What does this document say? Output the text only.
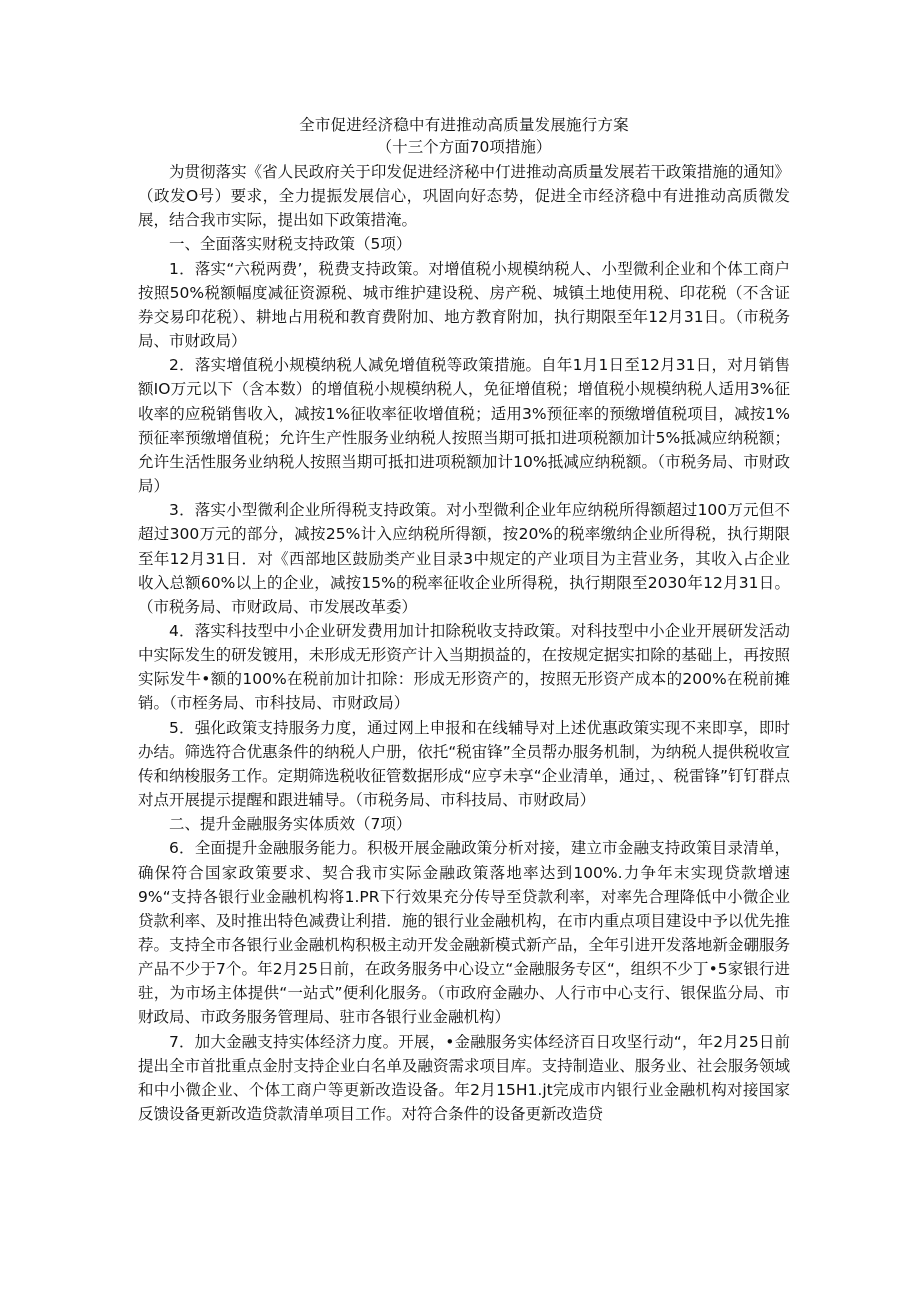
全市促进经济稳中有进推动高质量发展施行方案

（十三个方面70项措施）

为贯彻落实《省人民政府关于印发促进经济秘中仃进推动高质量发展若干政策措施的通知》（政发O号）要求，全力提振发展信心，巩固向好态势，促进全市经济稳中有进推动高质微发展，结合我市实际，提出如下政策措淹。

一、全面落实财税支持政策（5项）

1．落实“六税两费’，税费支持政策。对增值税小规模纳税人、小型微利企业和个体工商户按照50%税额幅度减征资源税、城市维护建设税、房产税、城镇土地使用税、印花税（不含证券交易印花税）、耕地占用税和教育费附加、地方教育附加，执行期限至年12月31日。（市税务局、市财政局）

2．落实增值税小规模纳税人减免增值税等政策措施。自年1月1日至12月31日，对月销售额IO万元以下（含本数）的增值税小规模纳税人，免征增值税；增值税小规模纳税人适用3%征收率的应税销售收入，减按1%征收率征收增值税；适用3%预征率的预缴增值税项目，减按1%预征率预缴增值税；允许生产性服务业纳税人按照当期可抵扣进项税额加计5%抵减应纳税额；允许生活性服务业纳税人按照当期可抵扣进项税额加计10%抵减应纳税额。（市税务局、市财政局）

3．落实小型微利企业所得税支持政策。对小型微利企业年应纳税所得额超过100万元但不超过300万元的部分，减按25%计入应纳税所得额，按20%的税率缴纳企业所得税，执行期限至年12月31日．对《西部地区鼓励类产业目录3中规定的产业项目为主营业务，其收入占企业收入总额60%以上的企业，减按15%的税率征收企业所得税，执行期限至2030年12月31日。（市税务局、市财政局、市发展改革委）

4．落实科技型中小企业研发费用加计扣除税收支持政策。对科技型中小企业开展研发活动中实际发生的研发镀用，未形成无形资产计入当期损益的，在按规定据实扣除的基础上，再按照实际发牛•额的100%在税前加计扣除：形成无形资产的，按照无形资产成本的200%在税前摊销。（市桎务局、市科技局、市财政局）

5．强化政策支持服务力度，通过网上申报和在线辅导对上述优惠政策实现不来即享，即时办结。筛选符合优惠条件的纳税人户册，依托“税宙锋”全员帮办服务机制，为纳税人提供税收宣传和纳梭服务工作。定期筛选税收征管数据形成“应亨未享“企业清单，通过，、税雷锋”钉钉群点对点开展提示提醒和跟进辅导。（市税务局、市科技局、市财政局）

二、提升金融服务实体质效（7项）

6．全面提升金融服务能力。积极开展金融政策分析对接，建立市金融支持政策目录清单，确保符合国家政策要求、契合我市实际金融政策落地率达到100%.力争年末实现贷款增速9%“支持各银行业金融机构将1.PR下行效果充分传导至贷款利率，对率先合理降低中小微企业贷款利率、及时推出特色减费让利措．施的银行业金融机构，在市内重点项目建设中予以优先推荐。支持全市各银行业金融机构积极主动开发金融新模式新产品，全年引进开发落地新金硼服务产品不少于7个。年2月25日前，在政务服务中心设立“金融服务专区“，组织不少丁•5家银行进驻，为市场主体提供“一站式”便利化服务。（市政府金融办、人行市中心支行、银保监分局、市财政局、市政务服务管理局、驻市各银行业金融机构）

7．加大金融支持实体经济力度。开展，•金融服务实体经济百日攻坚行动“，年2月25日前提出全市首批重点金肘支持企业白名单及融资需求项目库。支持制造业、服务业、社会服务领域和中小微企业、个体工商户等更新改造设备。年2月15H1.jt完成市内银行业金融机构对接国家反馈设备更新改造贷款清单项目工作。对符合条件的设备更新改造贷
